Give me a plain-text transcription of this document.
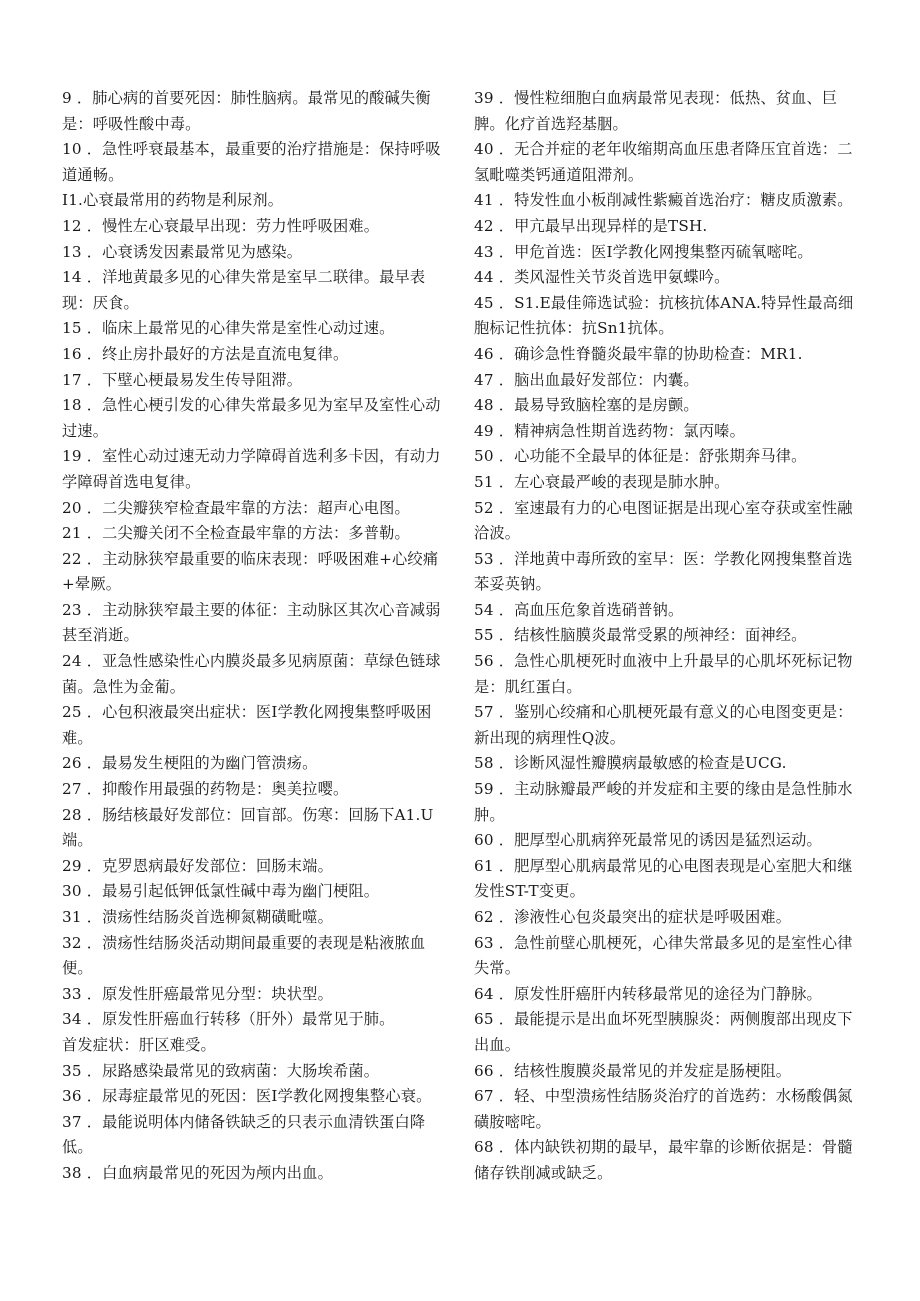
9 ．肺心病的首要死因：肺性脑病。最常见的酸碱失衡是：呼吸性酸中毒。
10 ．急性呼衰最基本，最重要的治疗措施是：保持呼吸道通畅。
I1.心衰最常用的药物是利尿剂。
12 ．慢性左心衰最早出现：劳力性呼吸困难。
13 ．心衰诱发因素最常见为感染。
14 ．洋地黄最多见的心律失常是室早二联律。最早表现：厌食。
15 ．临床上最常见的心律失常是室性心动过速。
16 ．终止房扑最好的方法是直流电复律。
17 ．下壁心梗最易发生传导阻滞。
18 ．急性心梗引发的心律失常最多见为室早及室性心动过速。
19 ．室性心动过速无动力学障碍首选利多卡因，有动力学障碍首选电复律。
20 ．二尖瓣狭窄检查最牢靠的方法：超声心电图。
21 ．二尖瓣关闭不全检查最牢靠的方法：多普勒。
22 ．主动脉狭窄最重要的临床表现：呼吸困难+心绞痛+晕厥。
23 ．主动脉狭窄最主要的体征：主动脉区其次心音减弱甚至消逝。
24 ．亚急性感染性心内膜炎最多见病原菌：草绿色链球菌。急性为金葡。
25 ．心包积液最突出症状：医I学教化网搜集整呼吸困难。
26 ．最易发生梗阻的为幽门管溃疡。
27 ．抑酸作用最强的药物是：奥美拉嘤。
28 ．肠结核最好发部位：回盲部。伤寒：回肠下A1.U
端。
29 ．克罗恩病最好发部位：回肠末端。
30 ．最易引起低钾低氯性碱中毒为幽门梗阻。
31 ．溃疡性结肠炎首选柳氮糊磺毗噬。
32 ．溃疡性结肠炎活动期间最重要的表现是粘液脓血便。
33 ．原发性肝癌最常见分型：块状型。
34 ．原发性肝癌血行转移（肝外）最常见于肺。
首发症状：肝区难受。
35 ．尿路感染最常见的致病菌：大肠埃希菌。
36 ．尿毒症最常见的死因：医I学教化网搜集整心衰。
37 ．最能说明体内储备铁缺乏的只表示血清铁蛋白降低。
38 ．白血病最常见的死因为颅内出血。
39 ．慢性粒细胞白血病最常见表现：低热、贫血、巨脾。化疗首选羟基胭。
40 ．无合并症的老年收缩期高血压患者降压宜首选：二氢毗噬类钙通道阻滞剂。
41 ．特发性血小板削减性紫癜首选治疗：糖皮质激素。
42 ．甲亢最早出现异样的是TSH.
43 ．甲危首选：医I学教化网搜集整丙硫氧嘧咤。
44 ．类风湿性关节炎首选甲氨蝶吟。
45 ．S1.E最佳筛选试验：抗核抗体ANA.特异性最高细胞标记性抗体：抗Sn1抗体。
46 ．确诊急性脊髓炎最牢靠的协助检查：MR1.
47 ．脑出血最好发部位：内囊。
48 ．最易导致脑栓塞的是房颤。
49 ．精神病急性期首选药物：氯丙嗪。
50 ．心功能不全最早的体征是：舒张期奔马律。
51 ．左心衰最严峻的表现是肺水肿。
52 ．室速最有力的心电图证据是出现心室夺获或室性融洽波。
53 ．洋地黄中毒所致的室早：医：学教化网搜集整首选苯妥英钠。
54 ．高血压危象首选硝普钠。
55 ．结核性脑膜炎最常受累的颅神经：面神经。
56 ．急性心肌梗死时血液中上升最早的心肌坏死标记物是：肌红蛋白。
57 ．鉴别心绞痛和心肌梗死最有意义的心电图变更是：新出现的病理性Q波。
58 ．诊断风湿性瓣膜病最敏感的检查是UCG.
59 ．主动脉瓣最严峻的并发症和主要的缘由是急性肺水肿。
60 ．肥厚型心肌病猝死最常见的诱因是猛烈运动。
61 ．肥厚型心肌病最常见的心电图表现是心室肥大和继发性ST-T变更。
62 ．渗液性心包炎最突出的症状是呼吸困难。
63 ．急性前壁心肌梗死，心律失常最多见的是室性心律失常。
64 ．原发性肝癌肝内转移最常见的途径为门静脉。
65 ．最能提示是出血坏死型胰腺炎：两侧腹部出现皮下出血。
66 ．结核性腹膜炎最常见的并发症是肠梗阻。
67 ．轻、中型溃疡性结肠炎治疗的首选药：水杨酸偶氮磺胺嘧咤。
68 ．体内缺铁初期的最早，最牢靠的诊断依据是：骨髓储存铁削减或缺乏。
